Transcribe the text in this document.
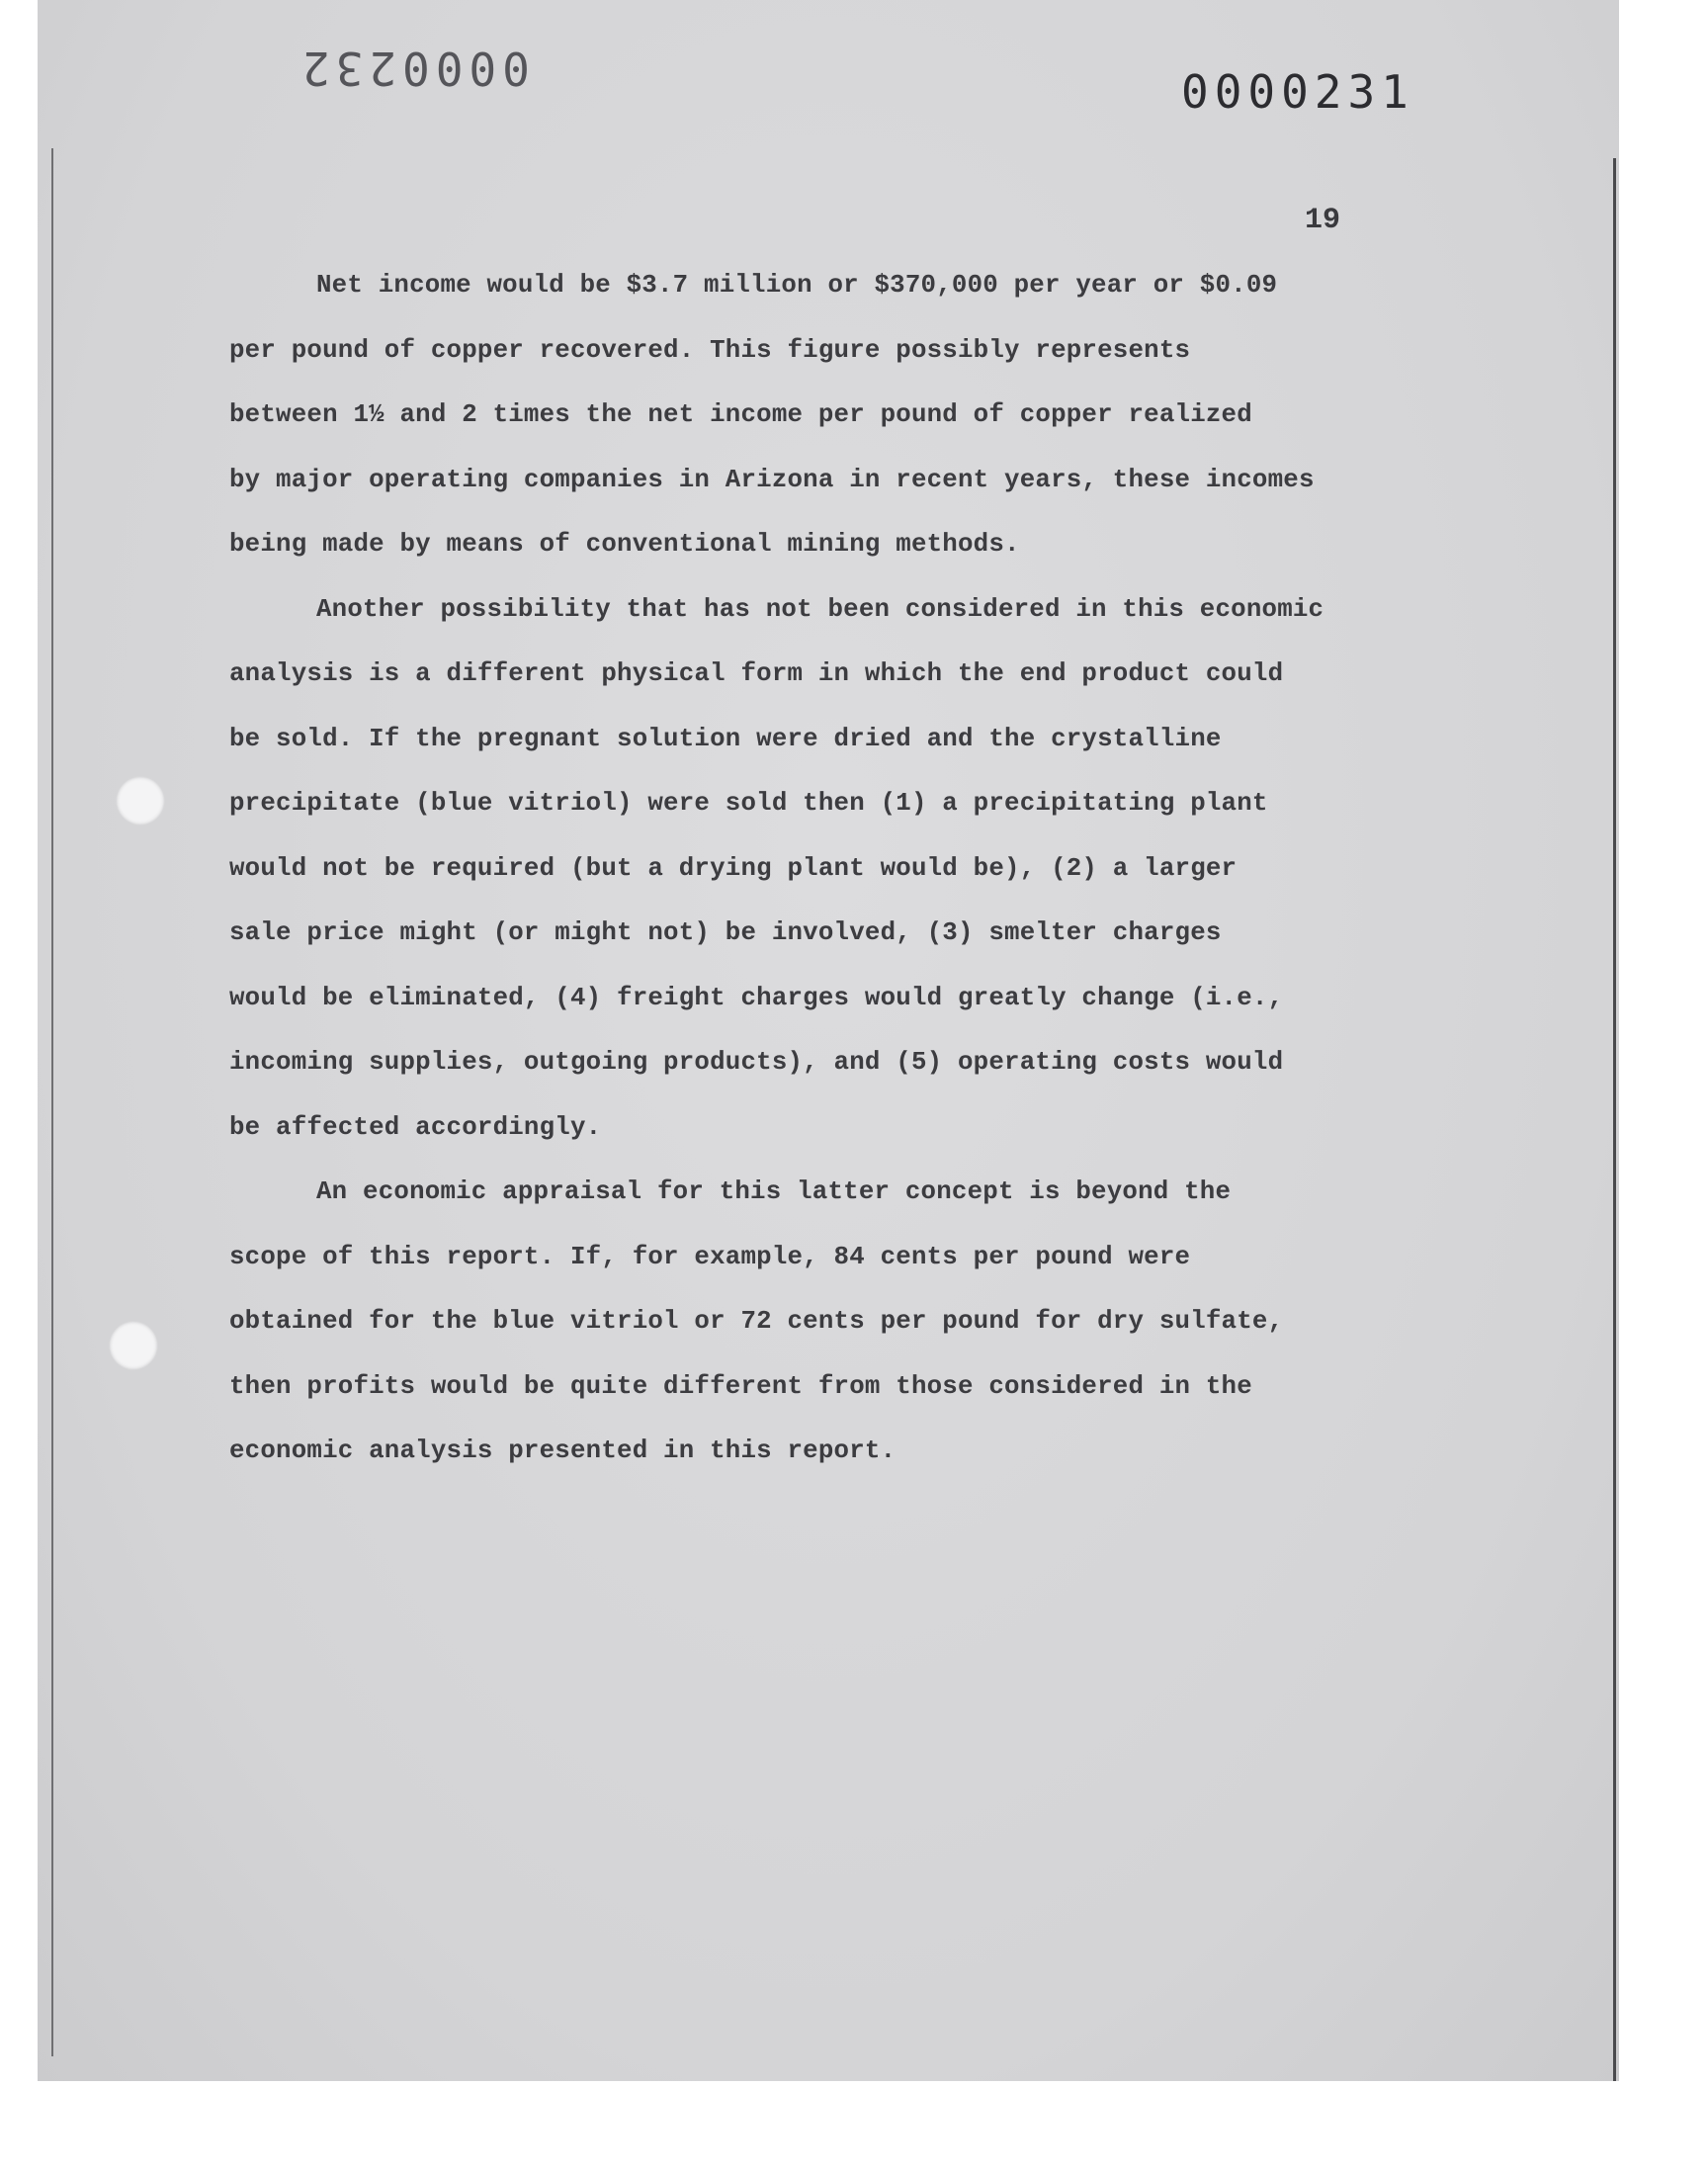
0000232	0000231
19

Net income would be $3.7 million or $370,000 per year or $0.09
per pound of copper recovered. This figure possibly represents
between 1½ and 2 times the net income per pound of copper realized
by major operating companies in Arizona in recent years, these incomes
being made by means of conventional mining methods.

Another possibility that has not been considered in this economic
analysis is a different physical form in which the end product could
be sold. If the pregnant solution were dried and the crystalline
precipitate (blue vitriol) were sold then (1) a precipitating plant
would not be required (but a drying plant would be), (2) a larger
sale price might (or might not) be involved, (3) smelter charges
would be eliminated, (4) freight charges would greatly change (i.e.,
incoming supplies, outgoing products), and (5) operating costs would
be affected accordingly.

An economic appraisal for this latter concept is beyond the
scope of this report. If, for example, 84 cents per pound were
obtained for the blue vitriol or 72 cents per pound for dry sulfate,
then profits would be quite different from those considered in the
economic analysis presented in this report.
